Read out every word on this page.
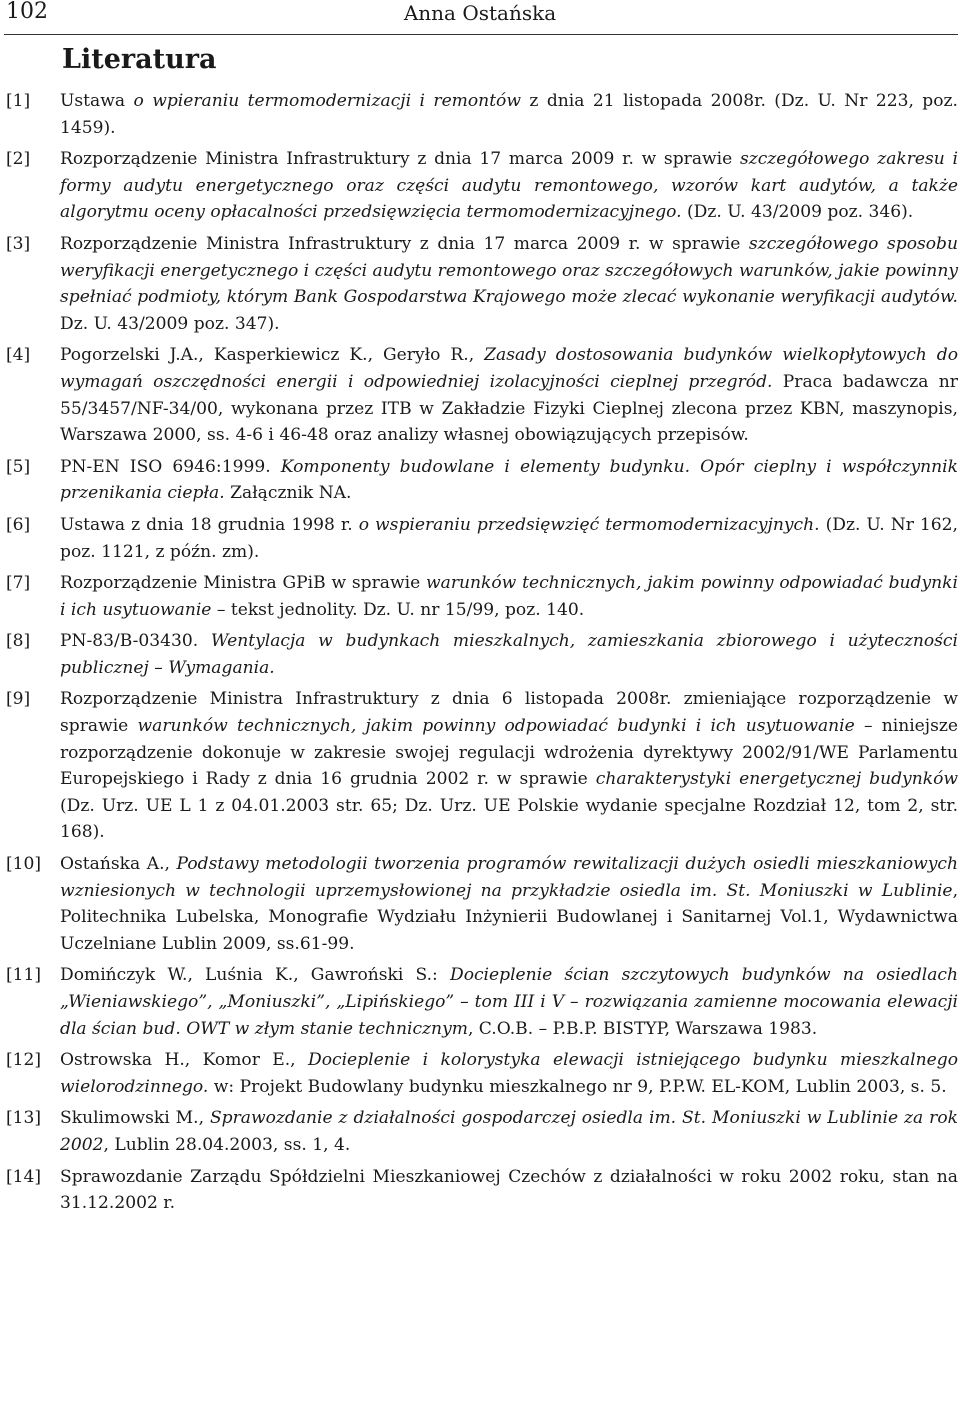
102	Anna Ostańska
Literatura
[1] Ustawa o wpieraniu termomodernizacji i remontów z dnia 21 listopada 2008r. (Dz. U. Nr 223, poz. 1459).
[2] Rozporządzenie Ministra Infrastruktury z dnia 17 marca 2009 r. w sprawie szczegółowego zakresu i formy audytu energetycznego oraz części audytu remontowego, wzorów kart audytów, a także algorytmu oceny opłacalności przedsięwzięcia termomodernizacyjnego. (Dz. U. 43/2009 poz. 346).
[3] Rozporządzenie Ministra Infrastruktury z dnia 17 marca 2009 r. w sprawie szczegółowego sposobu weryfikacji energetycznego i części audytu remontowego oraz szczegółowych warunków, jakie powinny spełniać podmioty, którym Bank Gospodarstwa Krajowego może zlecać wykonanie weryfikacji audytów. Dz. U. 43/2009 poz. 347).
[4] Pogorzelski J.A., Kasperkiewicz K., Geryło R., Zasady dostosowania budynków wielkopłytowych do wymagań oszczędności energii i odpowiedniej izolacyjności cieplnej przegród. Praca badawcza nr 55/3457/NF-34/00, wykonana przez ITB w Zakładzie Fizyki Cieplnej zlecona przez KBN, maszynopis, Warszawa 2000, ss. 4-6 i 46-48 oraz analizy własnej obowiązujących przepisów.
[5] PN-EN ISO 6946:1999. Komponenty budowlane i elementy budynku. Opór cieplny i współczynnik przenikania ciepła. Załącznik NA.
[6] Ustawa z dnia 18 grudnia 1998 r. o wspieraniu przedsięwzięć termomodernizacyjnych. (Dz. U. Nr 162, poz. 1121, z późn. zm).
[7] Rozporządzenie Ministra GPiB w sprawie warunków technicznych, jakim powinny odpowiadać budynki i ich usytuowanie – tekst jednolity. Dz. U. nr 15/99, poz. 140.
[8] PN-83/B-03430. Wentylacja w budynkach mieszkalnych, zamieszkania zbiorowego i użyteczności publicznej – Wymagania.
[9] Rozporządzenie Ministra Infrastruktury z dnia 6 listopada 2008r. zmieniające rozporządzenie w sprawie warunków technicznych, jakim powinny odpowiadać budynki i ich usytuowanie – niniejsze rozporządzenie dokonuje w zakresie swojej regulacji wdrożenia dyrektywy 2002/91/WE Parlamentu Europejskiego i Rady z dnia 16 grudnia 2002 r. w sprawie charakterystyki energetycznej budynków (Dz. Urz. UE L 1 z 04.01.2003 str. 65; Dz. Urz. UE Polskie wydanie specjalne Rozdział 12, tom 2, str. 168).
[10] Ostańska A., Podstawy metodologii tworzenia programów rewitalizacji dużych osiedli mieszkaniowych wzniesionych w technologii uprzemysłowionej na przykładzie osiedla im. St. Moniuszki w Lublinie, Politechnika Lubelska, Monografie Wydziału Inżynierii Budowlanej i Sanitarnej Vol.1, Wydawnictwa Uczelniane Lublin 2009, ss.61-99.
[11] Domińczyk W., Luśnia K., Gawroński S.: Docieplenie ścian szczytowych budynków na osiedlach „Wieniawskiego”, „Moniuszki”, „Lipińskiego” – tom III i V – rozwiązania zamienne mocowania elewacji dla ścian bud. OWT w złym stanie technicznym, C.O.B. – P.B.P. BISTYP, Warszawa 1983.
[12] Ostrowska H., Komor E., Docieplenie i kolorystyka elewacji istniejącego budynku mieszkalnego wielorodzinnego. w: Projekt Budowlany budynku mieszkalnego nr 9, P.P.W. EL-KOM, Lublin 2003, s. 5.
[13] Skulimowski M., Sprawozdanie z działalności gospodarczej osiedla im. St. Moniuszki w Lublinie za rok 2002, Lublin 28.04.2003, ss. 1, 4.
[14] Sprawozdanie Zarządu Spółdzielni Mieszkaniowej Czechów z działalności w roku 2002 roku, stan na 31.12.2002 r.
